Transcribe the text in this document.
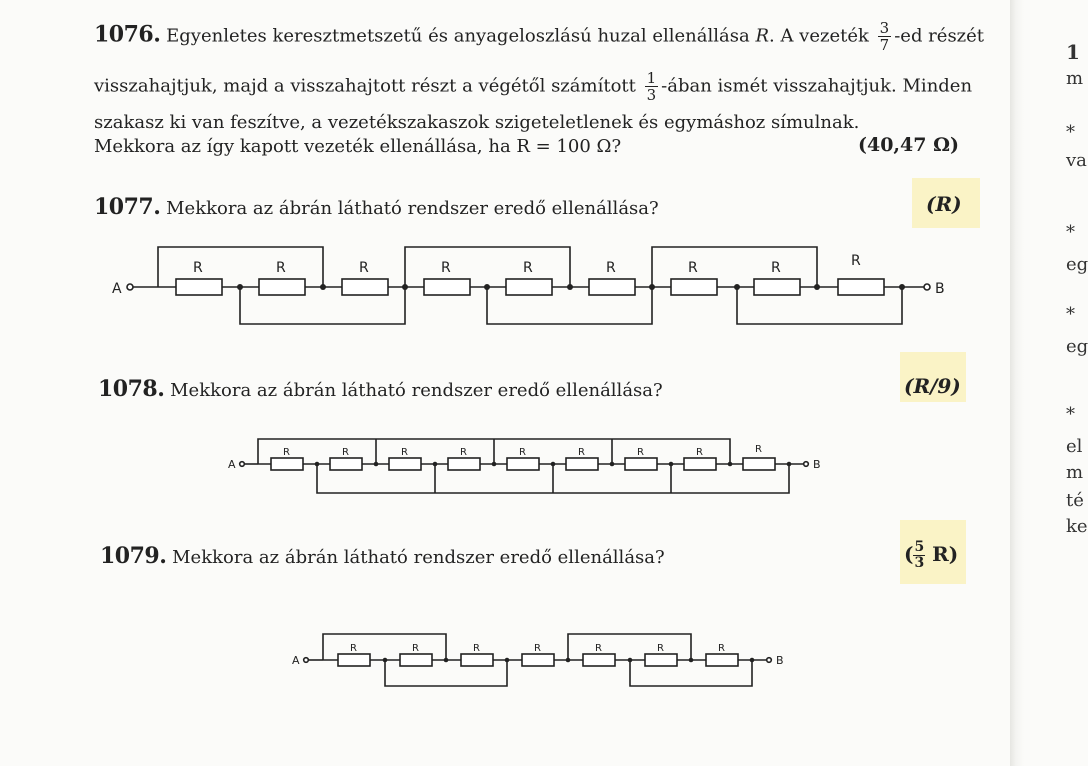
1076. Egyenletes keresztmetszetű és anyageloszlású huzal ellenállása R. A vezeték $\frac{3}{7} -ed$ részét
visszahajtjuk, majd a visszahajtott részt a végétől számított $\frac{1}{3}$ -ában ismét visszahajtjuk. Minden
szakasz ki van feszítve, a vezetékszakaszok szigeteletlenek és egymáshoz símulnak.
Mekkora az így kapott vezeték ellenállása, ha R = 100 Ω?	(40,47 Ω)
1077. Mekkora az ábrán látható rendszer eredő ellenállása?	(R)
1078. Mekkora az ábrán látható rendszer eredő ellenállása?	(R/9)
1079. Mekkora az ábrán látható rendszer eredő ellenállása?	( $\frac{5}{3} R$)
A
R	R	R	R	R	R	R	R	R
B
A
R	R	R	R	R	R	R	R	R
B
A
R	R	R	R	R	R	R
B
1
m
*
va
*
eg
*
eg
*
el
m
té
ke
